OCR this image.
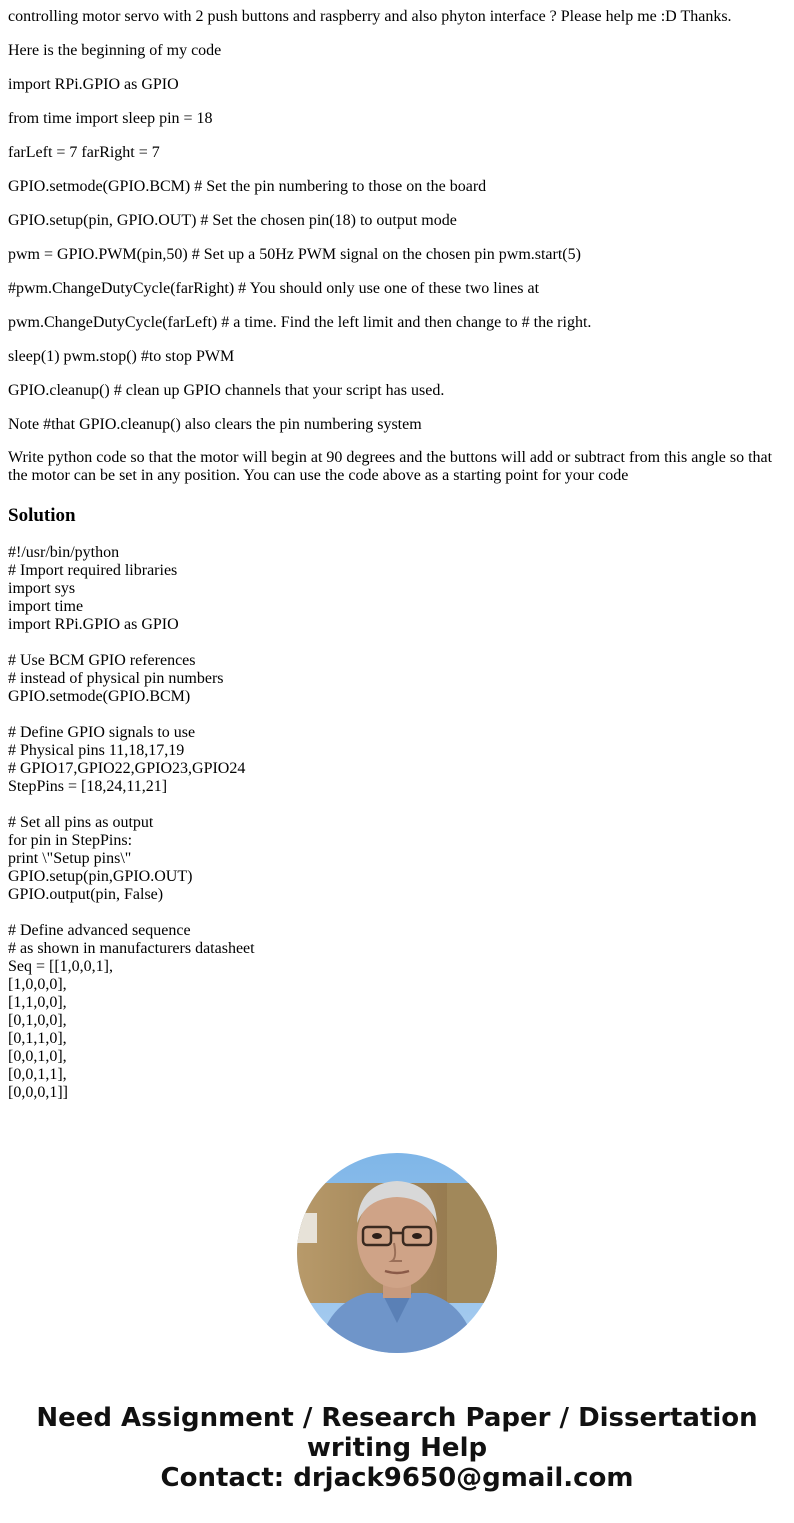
controlling motor servo with 2 push buttons and raspberry and also phyton interface ? Please help me :D Thanks.

Here is the beginning of my code

import RPi.GPIO as GPIO

from time import sleep pin = 18

farLeft = 7 farRight = 7

GPIO.setmode(GPIO.BCM) # Set the pin numbering to those on the board

GPIO.setup(pin, GPIO.OUT) # Set the chosen pin(18) to output mode

pwm = GPIO.PWM(pin,50) # Set up a 50Hz PWM signal on the chosen pin pwm.start(5)

#pwm.ChangeDutyCycle(farRight) # You should only use one of these two lines at

pwm.ChangeDutyCycle(farLeft) # a time. Find the left limit and then change to # the right.

sleep(1) pwm.stop() #to stop PWM

GPIO.cleanup() # clean up GPIO channels that your script has used.

Note #that GPIO.cleanup() also clears the pin numbering system

Write python code so that the motor will begin at 90 degrees and the buttons will add or subtract from this angle so that the motor can be set in any position. You can use the code above as a starting point for your code

Solution
#!/usr/bin/python
# Import required libraries
import sys
import time
import RPi.GPIO as GPIO

# Use BCM GPIO references
# instead of physical pin numbers
GPIO.setmode(GPIO.BCM)

# Define GPIO signals to use
# Physical pins 11,18,17,19
# GPIO17,GPIO22,GPIO23,GPIO24
StepPins = [18,24,11,21]

# Set all pins as output
for pin in StepPins:
print \"Setup pins\"
GPIO.setup(pin,GPIO.OUT)
GPIO.output(pin, False)

# Define advanced sequence
# as shown in manufacturers datasheet
Seq = [[1,0,0,1],
[1,0,0,0],
[1,1,0,0],
[0,1,0,0],
[0,1,1,0],
[0,0,1,0],
[0,0,1,1],
[0,0,0,1]]
Need Assignment / Research Paper / Dissertation
writing Help
Contact: drjack9650@gmail.com
